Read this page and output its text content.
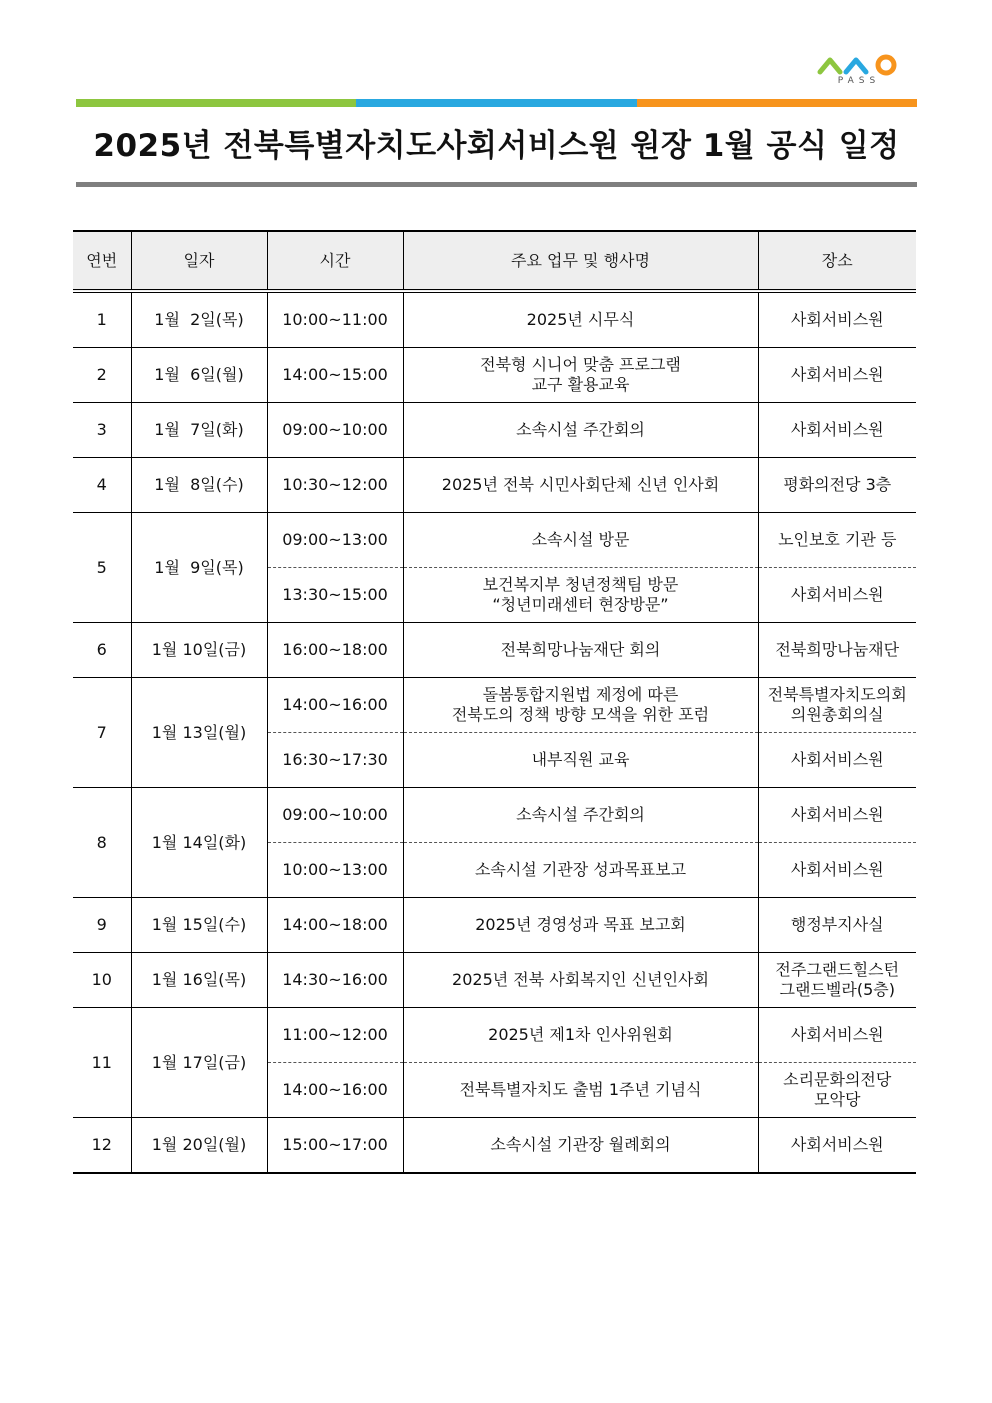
PASS
2025년 전북특별자치도사회서비스원 원장 1월 공식 일정
연번	일자	시간	주요 업무 및 행사명	장소
1	1월  2일(목)	10:00~11:00	2025년 시무식	사회서비스원

2	1월  6일(월)	14:00~15:00	전북형 시니어 맞춤 프로그램
교구 활용교육	사회서비스원

3	1월  7일(화)	09:00~10:00	소속시설 주간회의	사회서비스원

4	1월  8일(수)	10:30~12:00	2025년 전북 시민사회단체 신년 인사회	평화의전당 3층

5	1월  9일(목)	09:00~13:00	소속시설 방문	노인보호 기관 등

		13:30~15:00	보건복지부 청년정책팀 방문
“청년미래센터 현장방문”	사회서비스원

6	1월 10일(금)	16:00~18:00	전북희망나눔재단 회의	전북희망나눔재단

7	1월 13일(월)	14:00~16:00	돌봄통합지원법 제정에 따른
전북도의 정책 방향 모색을 위한 포럼	전북특별자치도의회
의원총회의실

		16:30~17:30	내부직원 교육	사회서비스원

8	1월 14일(화)	09:00~10:00	소속시설 주간회의	사회서비스원

		10:00~13:00	소속시설 기관장 성과목표보고	사회서비스원

9	1월 15일(수)	14:00~18:00	2025년 경영성과 목표 보고회	행정부지사실

10	1월 16일(목)	14:30~16:00	2025년 전북 사회복지인 신년인사회	전주그랜드힐스턴
그랜드벨라(5층)

11	1월 17일(금)	11:00~12:00	2025년 제1차 인사위원회	사회서비스원

		14:00~16:00	전북특별자치도 출범 1주년 기념식	소리문화의전당
모악당

12	1월 20일(월)	15:00~17:00	소속시설 기관장 월례회의	사회서비스원
